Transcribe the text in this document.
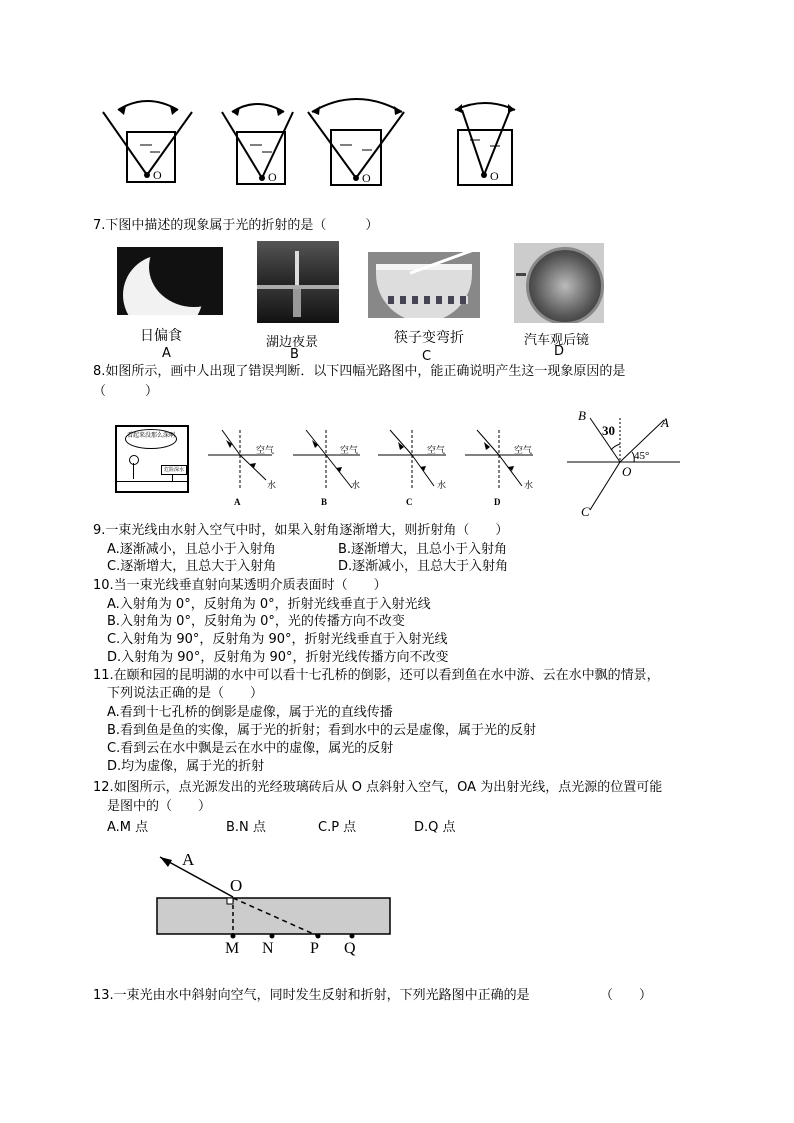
O	O	O	O
7.下图中描述的现象属于光的折射的是（　　　）
日偏食	湖边夜景	筷子变弯折	汽车观后镜
A	B	C	D
8.如图所示，画中人出现了错误判断．以下四幅光路图中，能正确说明产生这一现象原因的是
（　　　）
看起来没那么深啊
危险深水
空气
水
空气
水
空气
水
空气
水
A	B	C	D
B
30
A
45°
O
C
9.一束光线由水射入空气中时，如果入射角逐渐增大，则折射角（　　）
A.逐渐减小，且总小于入射角	B.逐渐增大，且总小于入射角
C.逐渐增大，且总大于入射角	D.逐渐减小，且总大于入射角
10.当一束光线垂直射向某透明介质表面时（　　）
A.入射角为 0°，反射角为 0°，折射光线垂直于入射光线
B.入射角为 0°，反射角为 0°，光的传播方向不改变
C.入射角为 90°，反射角为 90°，折射光线垂直于入射光线
D.入射角为 90°，反射角为 90°，折射光线传播方向不改变
11.在颐和园的昆明湖的水中可以看十七孔桥的倒影，还可以看到鱼在水中游、云在水中飘的情景，
下列说法正确的是（　　）
A.看到十七孔桥的倒影是虚像，属于光的直线传播
B.看到鱼是鱼的实像，属于光的折射；看到水中的云是虚像，属于光的反射
C.看到云在水中飘是云在水中的虚像，属光的反射
D.均为虚像，属于光的折射
12.如图所示，点光源发出的光经玻璃砖后从 O 点斜射入空气，OA 为出射光线，点光源的位置可能
是图中的（　　）
A.M 点	B.N 点	C.P 点	D.Q 点
A
O
M N P Q
13.一束光由水中斜射向空气，同时发生反射和折射，下列光路图中正确的是	（　　）
